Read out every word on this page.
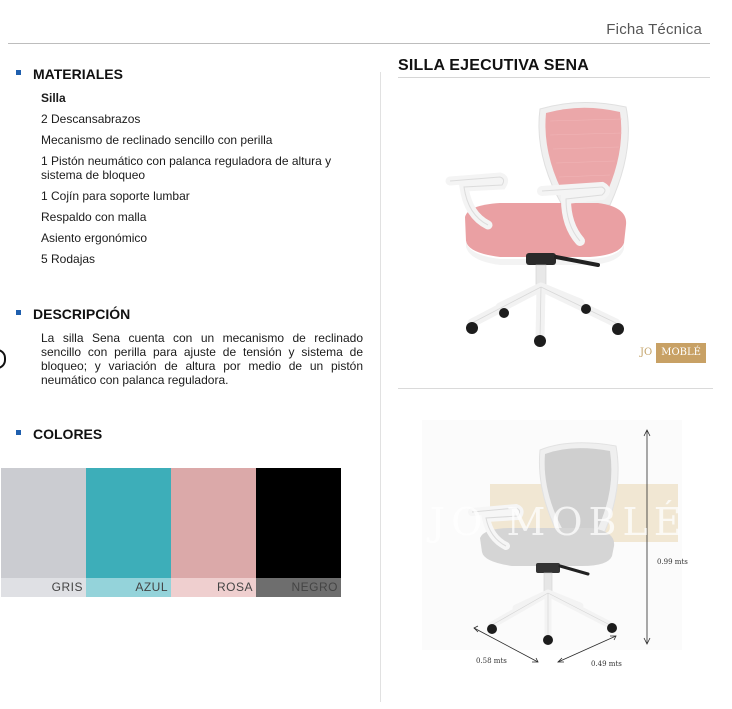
Ficha Técnica
MATERIALES
Silla
2 Descansabrazos
Mecanismo de reclinado sencillo con perilla
1 Pistón neumático con palanca reguladora de altura y sistema de bloqueo
1 Cojín para soporte lumbar
Respaldo con malla
Asiento ergonómico
5 Rodajas
DESCRIPCIÓN
La silla Sena cuenta con un mecanismo de reclinado sencillo con perilla para ajuste de tensión y sistema de bloqueo; y variación de altura por medio de un pistón neumático con palanca reguladora.
COLORES
GRIS	AZUL	ROSA	NEGRO
SILLA EJECUTIVA SENA
JO MOBLÉ
JO MOBLÉ
0.99 mts
0.58 mts	0.49 mts
